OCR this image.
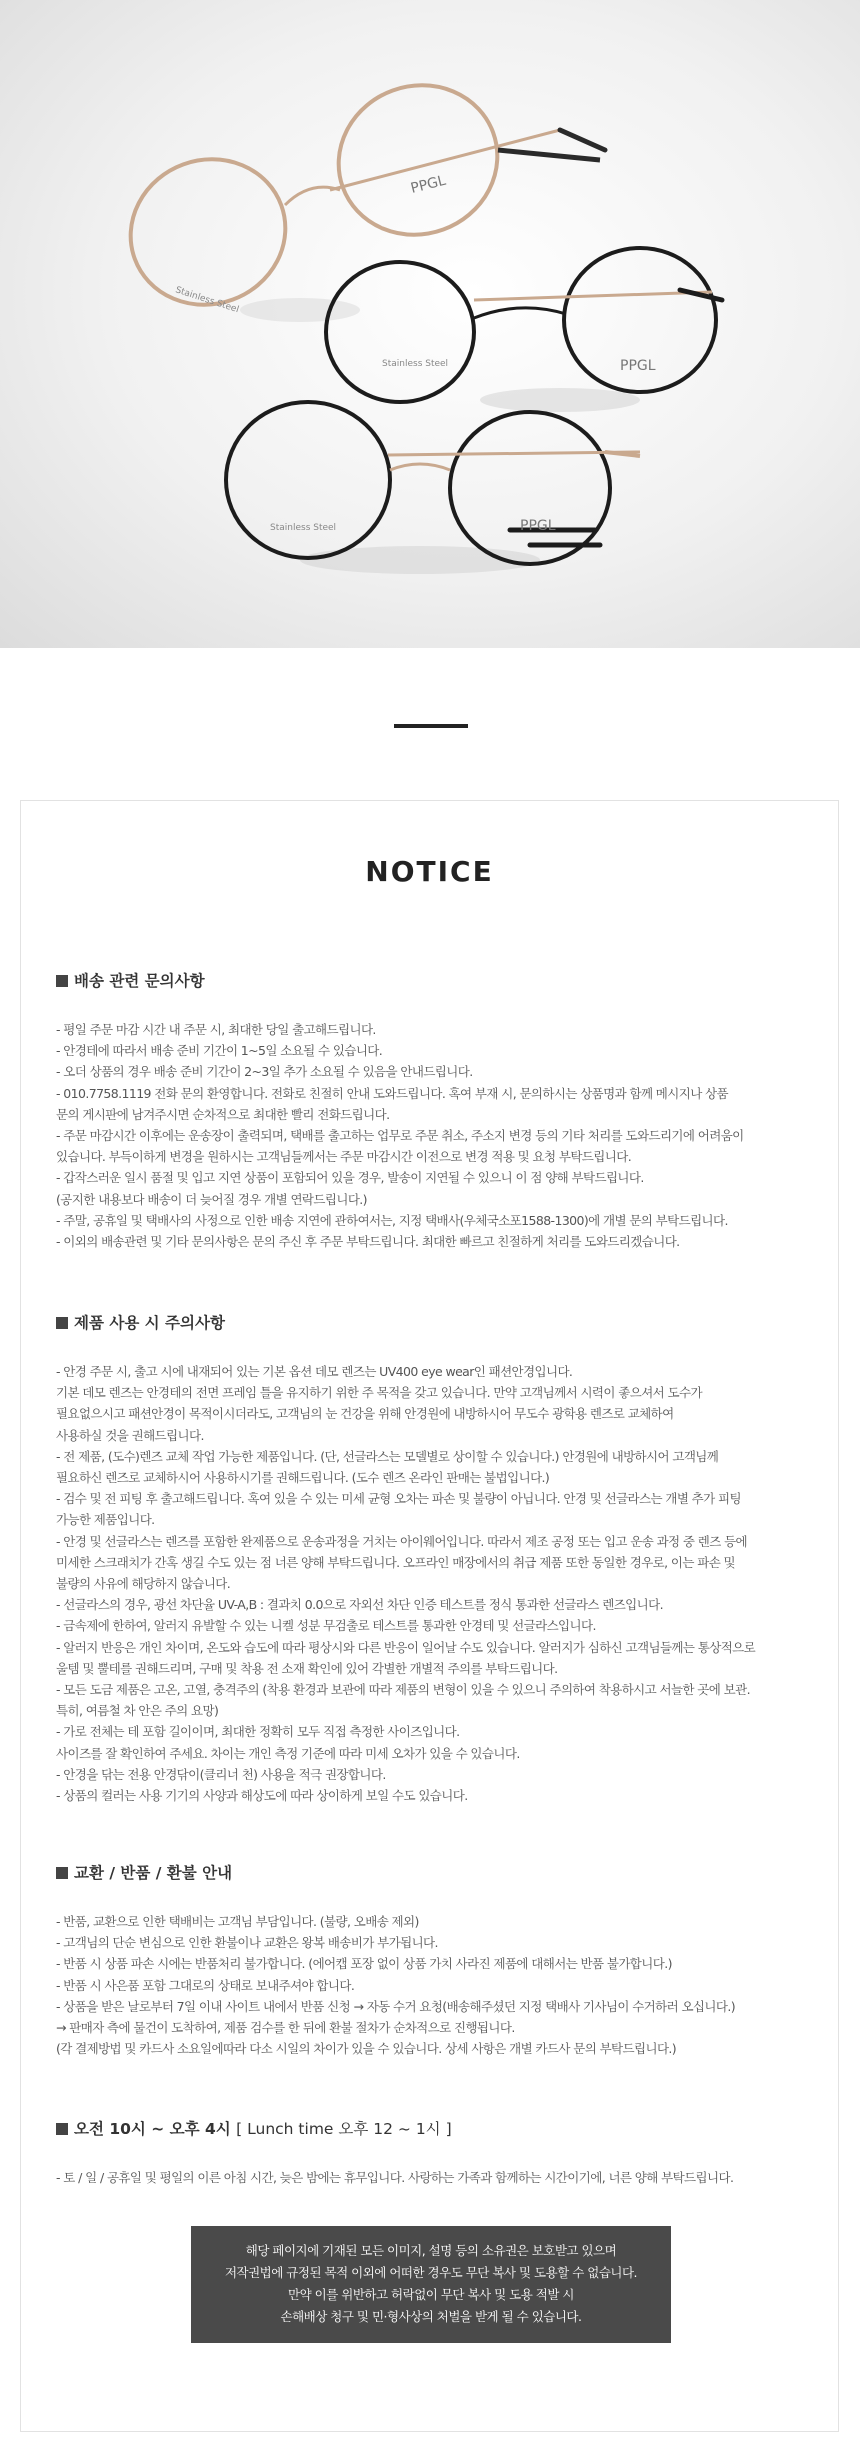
PPGL
Stainless Steel
PPGL
Stainless Steel
PPGL
Stainless Steel
NOTICE
배송 관련 문의사항
- 평일 주문 마감 시간 내 주문 시, 최대한 당일 출고해드립니다.
- 안경테에 따라서 배송 준비 기간이 1~5일 소요될 수 있습니다.
- 오더 상품의 경우 배송 준비 기간이 2~3일 추가 소요될 수 있음을 안내드립니다.
- 010.7758.1119 전화 문의 환영합니다. 전화로 친절히 안내 도와드립니다. 혹여 부재 시, 문의하시는 상품명과 함께 메시지나 상품
문의 게시판에 남겨주시면 순차적으로 최대한 빨리 전화드립니다.
- 주문 마감시간 이후에는 운송장이 출력되며, 택배를 출고하는 업무로 주문 취소, 주소지 변경 등의 기타 처리를 도와드리기에 어려움이
있습니다. 부득이하게 변경을 원하시는 고객님들께서는 주문 마감시간 이전으로 변경 적용 및 요청 부탁드립니다.
- 갑작스러운 일시 품절 및 입고 지연 상품이 포함되어 있을 경우, 발송이 지연될 수 있으니 이 점 양해 부탁드립니다.
(공지한 내용보다 배송이 더 늦어질 경우 개별 연락드립니다.)
- 주말, 공휴일 및 택배사의 사정으로 인한 배송 지연에 관하여서는, 지정 택배사(우체국소포1588-1300)에 개별 문의 부탁드립니다.
- 이외의 배송관련 및 기타 문의사항은 문의 주신 후 주문 부탁드립니다. 최대한 빠르고 친절하게 처리를 도와드리겠습니다.
제품 사용 시 주의사항
- 안경 주문 시, 출고 시에 내재되어 있는 기본 옵션 데모 렌즈는 UV400 eye wear인 패션안경입니다.
기본 데모 렌즈는 안경테의 전면 프레임 틀을 유지하기 위한 주 목적을 갖고 있습니다. 만약 고객님께서 시력이 좋으셔서 도수가
필요없으시고 패션안경이 목적이시더라도, 고객님의 눈 건강을 위해 안경원에 내방하시어 무도수 광학용 렌즈로 교체하여
사용하실 것을 권해드립니다.
- 전 제품, (도수)렌즈 교체 작업 가능한 제품입니다. (단, 선글라스는 모델별로 상이할 수 있습니다.) 안경원에 내방하시어 고객님께
필요하신 렌즈로 교체하시어 사용하시기를 권해드립니다. (도수 렌즈 온라인 판매는 불법입니다.)
- 검수 및 전 피팅 후 출고해드립니다. 혹여 있을 수 있는 미세 균형 오차는 파손 및 불량이 아닙니다. 안경 및 선글라스는 개별 추가 피팅
가능한 제품입니다.
- 안경 및 선글라스는 렌즈를 포함한 완제품으로 운송과정을 거치는 아이웨어입니다. 따라서 제조 공정 또는 입고 운송 과정 중 렌즈 등에
미세한 스크래치가 간혹 생길 수도 있는 점 너른 양해 부탁드립니다. 오프라인 매장에서의 취급 제품 또한 동일한 경우로, 이는 파손 및
불량의 사유에 해당하지 않습니다.
- 선글라스의 경우, 광선 차단율 UV-A,B : 결과치 0.0으로 자외선 차단 인증 테스트를 정식 통과한 선글라스 렌즈입니다.
- 금속제에 한하여, 알러지 유발할 수 있는 니켈 성분 무검출로 테스트를 통과한 안경테 및 선글라스입니다.
- 알러지 반응은 개인 차이며, 온도와 습도에 따라 평상시와 다른 반응이 일어날 수도 있습니다. 알러지가 심하신 고객님들께는 통상적으로
울템 및 뿔테를 권해드리며, 구매 및 착용 전 소재 확인에 있어 각별한 개별적 주의를 부탁드립니다.
- 모든 도금 제품은 고온, 고열, 충격주의 (착용 환경과 보관에 따라 제품의 변형이 있을 수 있으니 주의하여 착용하시고 서늘한 곳에 보관.
특히, 여름철 차 안은 주의 요망)
- 가로 전체는 테 포함 길이이며, 최대한 정확히 모두 직접 측정한 사이즈입니다.
사이즈를 잘 확인하여 주세요. 차이는 개인 측정 기준에 따라 미세 오차가 있을 수 있습니다.
- 안경을 닦는 전용 안경닦이(클리너 천) 사용을 적극 권장합니다.
- 상품의 컬러는 사용 기기의 사양과 해상도에 따라 상이하게 보일 수도 있습니다.
교환 / 반품 / 환불 안내
- 반품, 교환으로 인한 택배비는 고객님 부담입니다. (불량, 오배송 제외)
- 고객님의 단순 변심으로 인한 환불이나 교환은 왕복 배송비가 부가됩니다.
- 반품 시 상품 파손 시에는 반품처리 불가합니다. (에어캡 포장 없이 상품 가치 사라진 제품에 대해서는 반품 불가합니다.)
- 반품 시 사은품 포함 그대로의 상태로 보내주셔야 합니다.
- 상품을 받은 날로부터 7일 이내 사이트 내에서 반품 신청 → 자동 수거 요청(배송해주셨던 지정 택배사 기사님이 수거하러 오십니다.)
→ 판매자 측에 물건이 도착하여, 제품 검수를 한 뒤에 환불 절차가 순차적으로 진행됩니다.
(각 결제방법 및 카드사 소요일에따라 다소 시일의 차이가 있을 수 있습니다. 상세 사항은 개별 카드사 문의 부탁드립니다.)
오전 10시 ~ 오후 4시 [ Lunch time 오후 12 ~ 1시 ]
- 토 / 일 / 공휴일 및 평일의 이른 아침 시간, 늦은 밤에는 휴무입니다. 사랑하는 가족과 함께하는 시간이기에, 너른 양해 부탁드립니다.
해당 페이지에 기재된 모든 이미지, 설명 등의 소유권은 보호받고 있으며
저작권법에 규정된 목적 이외에 어떠한 경우도 무단 복사 및 도용할 수 없습니다.
만약 이를 위반하고 허락없이 무단 복사 및 도용 적발 시
손해배상 청구 및 민·형사상의 처벌을 받게 될 수 있습니다.
